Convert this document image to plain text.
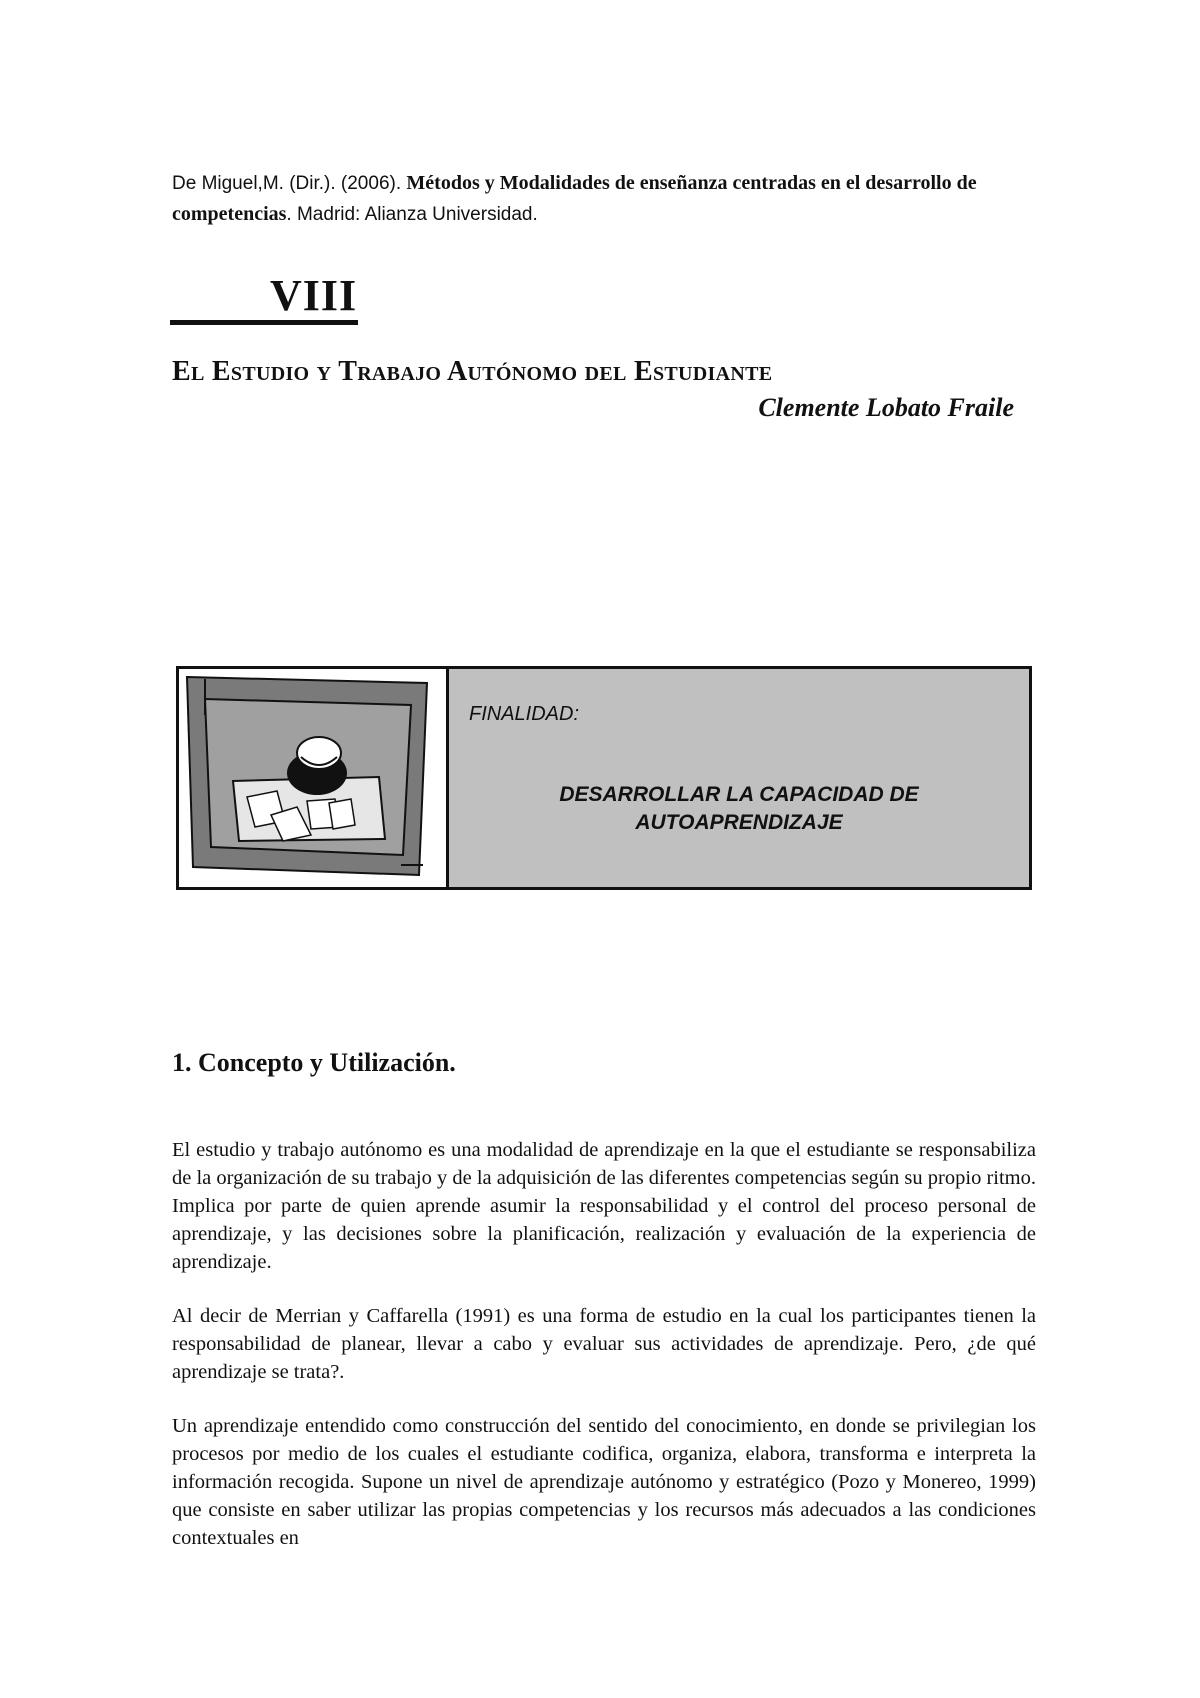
De Miguel,M. (Dir.). (2006). Métodos y Modalidades de enseñanza centradas en el desarrollo de competencias. Madrid: Alianza Universidad.
VIII
El Estudio y Trabajo Autónomo del Estudiante
Clemente Lobato Fraile
FINALIDAD:
DESARROLLAR LA CAPACIDAD DE
AUTOAPRENDIZAJE
1. Concepto y Utilización.

El estudio y trabajo autónomo es una modalidad de aprendizaje en la que el estudiante se responsabiliza de la organización de su trabajo y de la adquisición de las diferentes competencias según su propio ritmo. Implica por parte de quien aprende asumir la responsabilidad y el control del proceso personal de aprendizaje, y las decisiones sobre la planificación, realización y evaluación de la experiencia de aprendizaje.

Al decir de Merrian y Caffarella (1991) es una forma de estudio en la cual los participantes tienen la responsabilidad de planear, llevar a cabo y evaluar sus actividades de aprendizaje. Pero, ¿de qué aprendizaje se trata?.

Un aprendizaje entendido como construcción del sentido del conocimiento, en donde se privilegian los procesos por medio de los cuales el estudiante codifica, organiza, elabora, transforma e interpreta la información recogida. Supone un nivel de aprendizaje autónomo y estratégico (Pozo y Monereo, 1999) que consiste en saber utilizar las propias competencias y los recursos más adecuados a las condiciones contextuales en
